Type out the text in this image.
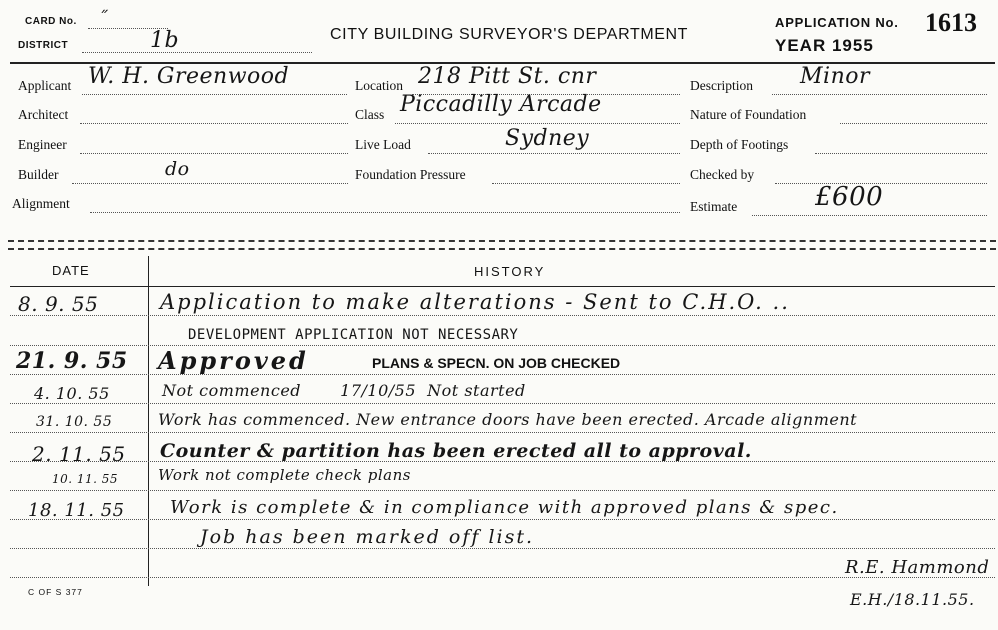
CARD No. ˝
DISTRICT	1b	CITY BUILDING SURVEYOR'S DEPARTMENT
APPLICATION No. 1613
YEAR 1955
Applicant W. H. Greenwood	Location 218 Pitt St. cnr	Description Minor
Architect	Class Piccadilly Arcade	Nature of Foundation
Engineer	Live Load	Sydney	Depth of Footings
Builder	do	Foundation Pressure	Checked by
Alignment	Estimate	£600
DATE	HISTORY
8. 9. 55	Application to make alterations - Sent to C.H.O. ..
DEVELOPMENT APPLICATION NOT NECESSARY
21. 9. 55 Approved	PLANS & SPECN. ON JOB CHECKED
4. 10. 55	Not commenced       17/10/55  Not started
31. 10. 55	Work has commenced. New entrance doors have been erected. Arcade alignment
2. 11. 55 Counter & partition has been erected all to approval.
10. 11. 55	Work not complete check plans
18. 11. 55	Work is complete & in compliance with approved plans & spec.
Job has been marked off list.
R.E. Hammond
E.H./18.11.55.
C OF S 377
